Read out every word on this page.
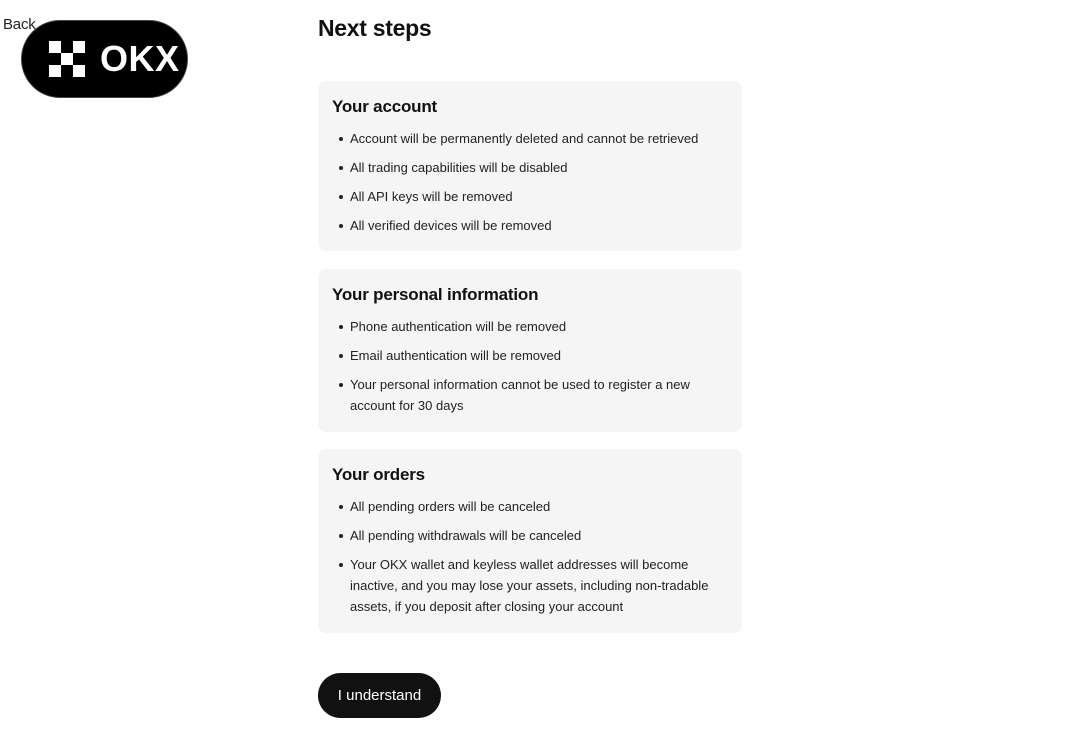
Back
OKX
Next steps
Your account
Account will be permanently deleted and cannot be retrieved
All trading capabilities will be disabled
All API keys will be removed
All verified devices will be removed
Your personal information
Phone authentication will be removed
Email authentication will be removed
Your personal information cannot be used to register a new account for 30 days
Your orders
All pending orders will be canceled
All pending withdrawals will be canceled
Your OKX wallet and keyless wallet addresses will become inactive, and you may lose your assets, including non-tradable assets, if you deposit after closing your account
I understand
